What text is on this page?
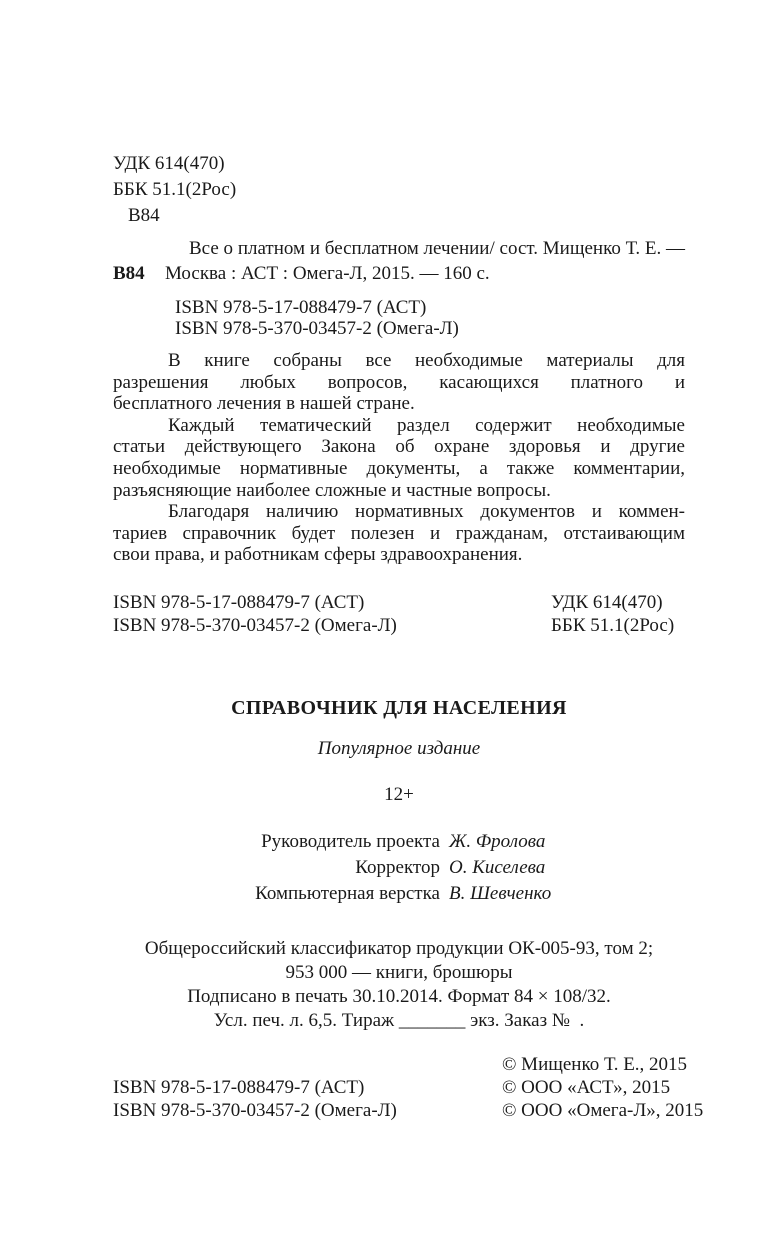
УДК 614(470)
ББК 51.1(2Рос)
В84
В84
Все о платном и бесплатном лечении/ сост. Мищенко Т. Е. —
Москва : АСТ : Омега-Л, 2015. — 160 с.
ISBN 978-5-17-088479-7 (АСТ)
ISBN 978-5-370-03457-2 (Омега-Л)
В книге собраны все необходимые материалы для
разрешения любых вопросов, касающихся платного и
бесплатного лечения в нашей стране.
Каждый тематический раздел содержит необходимые
статьи действующего Закона об охране здоровья и другие
необходимые нормативные документы, а также комментарии,
разъясняющие наиболее сложные и частные вопросы.
Благодаря наличию нормативных документов и коммен-
тариев справочник будет полезен и гражданам, отстаивающим
свои права, и работникам сферы здравоохранения.
ISBN 978-5-17-088479-7 (АСТ)
ISBN 978-5-370-03457-2 (Омега-Л)
УДК 614(470)
ББК 51.1(2Рос)
СПРАВОЧНИК ДЛЯ НАСЕЛЕНИЯ
Популярное издание
12+
Руководитель проекта Ж. Фролова
Корректор О. Киселева
Компьютерная верстка В. Шевченко
Общероссийский классификатор продукции ОК-005-93, том 2;
953 000 — книги, брошюры
Подписано в печать 30.10.2014. Формат 84 × 108/32.
Усл. печ. л. 6,5. Тираж _______ экз. Заказ №  .
ISBN 978-5-17-088479-7 (АСТ)
ISBN 978-5-370-03457-2 (Омега-Л)
© Мищенко Т. Е., 2015
© ООО «АСТ», 2015
© ООО «Омега-Л», 2015
